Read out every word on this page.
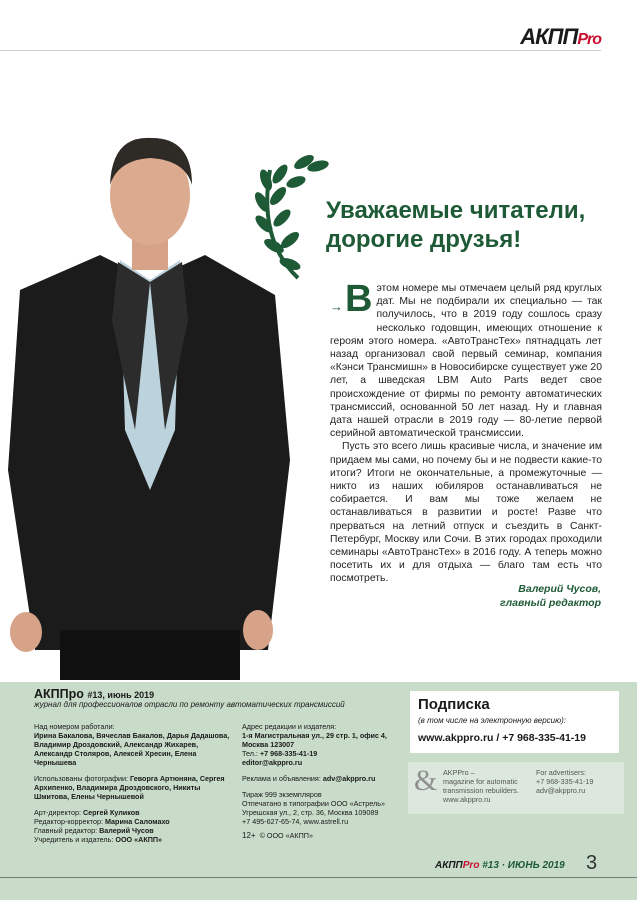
АКППPro
Уважаемые читатели,
дорогие друзья!

→В этом номере мы отмечаем целый ряд круглых дат. Мы не подбирали их специально — так получилось, что в 2019 году сошлось сразу несколько годовщин, имеющих отношение к героям этого номера. «АвтоТрансТех» пятнадцать лет назад организовал свой первый семинар, компания «Кэнси Трансмишн» в Новосибирске существует уже 20 лет, а шведская LBM Auto Parts ведет свое происхождение от фирмы по ремонту автоматических трансмиссий, основанной 50 лет назад. Ну и главная дата нашей отрасли в 2019 году — 80-летие первой серийной автоматической трансмиссии.

Пусть это всего лишь красивые числа, и значение им придаем мы сами, но почему бы и не подвести какие-то итоги? Итоги не окончательные, а промежуточные — никто из наших юбиляров останавливаться не собирается. И вам мы тоже желаем не останавливаться в развитии и росте! Разве что прерваться на летний отпуск и съездить в Санкт-Петербург, Москву или Сочи. В этих городах проходили семинары «АвтоТрансТех» в 2016 году. А теперь можно посетить их и для отдыха — благо там есть что посмотреть.

Валерий Чусов,
главный редактор
АКППро #13, июнь 2019
журнал для профессионалов отрасли по ремонту автоматических трансмиссий
Над номером работали:
Ирина Бакалова, Вячеслав Бакалов, Дарья Дадашова, Владимир Дроздовский, Александр Жихарев, Александр Столяров, Алексей Хресин, Елена Чернышева
Использованы фотографии: Геворга Артюняна, Сергея Архипенко, Владимира Дроздовского, Никиты Шмитова, Елены Чернышевой
Арт-директор: Сергей Куликов
Редактор-корректор: Марина Саломахо
Главный редактор: Валерий Чусов
Учредитель и издатель: ООО «АКПП»
Адрес редакции и издателя:
1-я Магистральная ул., 29 стр. 1, офис 4, Москва 123007
Тел.: +7 968-335-41-19
editor@akppro.ru
Реклама и объявления: adv@akppro.ru
Тираж 999 экземпляров
Отпечатано в типографии ООО «Астрель»
Угрешская ул., 2, стр. 36, Москва 109089
+7 495-627-65-74, www.astrell.ru
12+ © ООО «АКПП»
Подписка
(в том числе на электронную версию):
www.akppro.ru / +7 968-335-41-19
& AKPPro –
magazine for automatic
transmission rebuilders.
www.akppro.ru
For advertisers:
+7 968-335-41-19
adv@akppro.ru
АКППPro #13 · ИЮНЬ 2019 3
